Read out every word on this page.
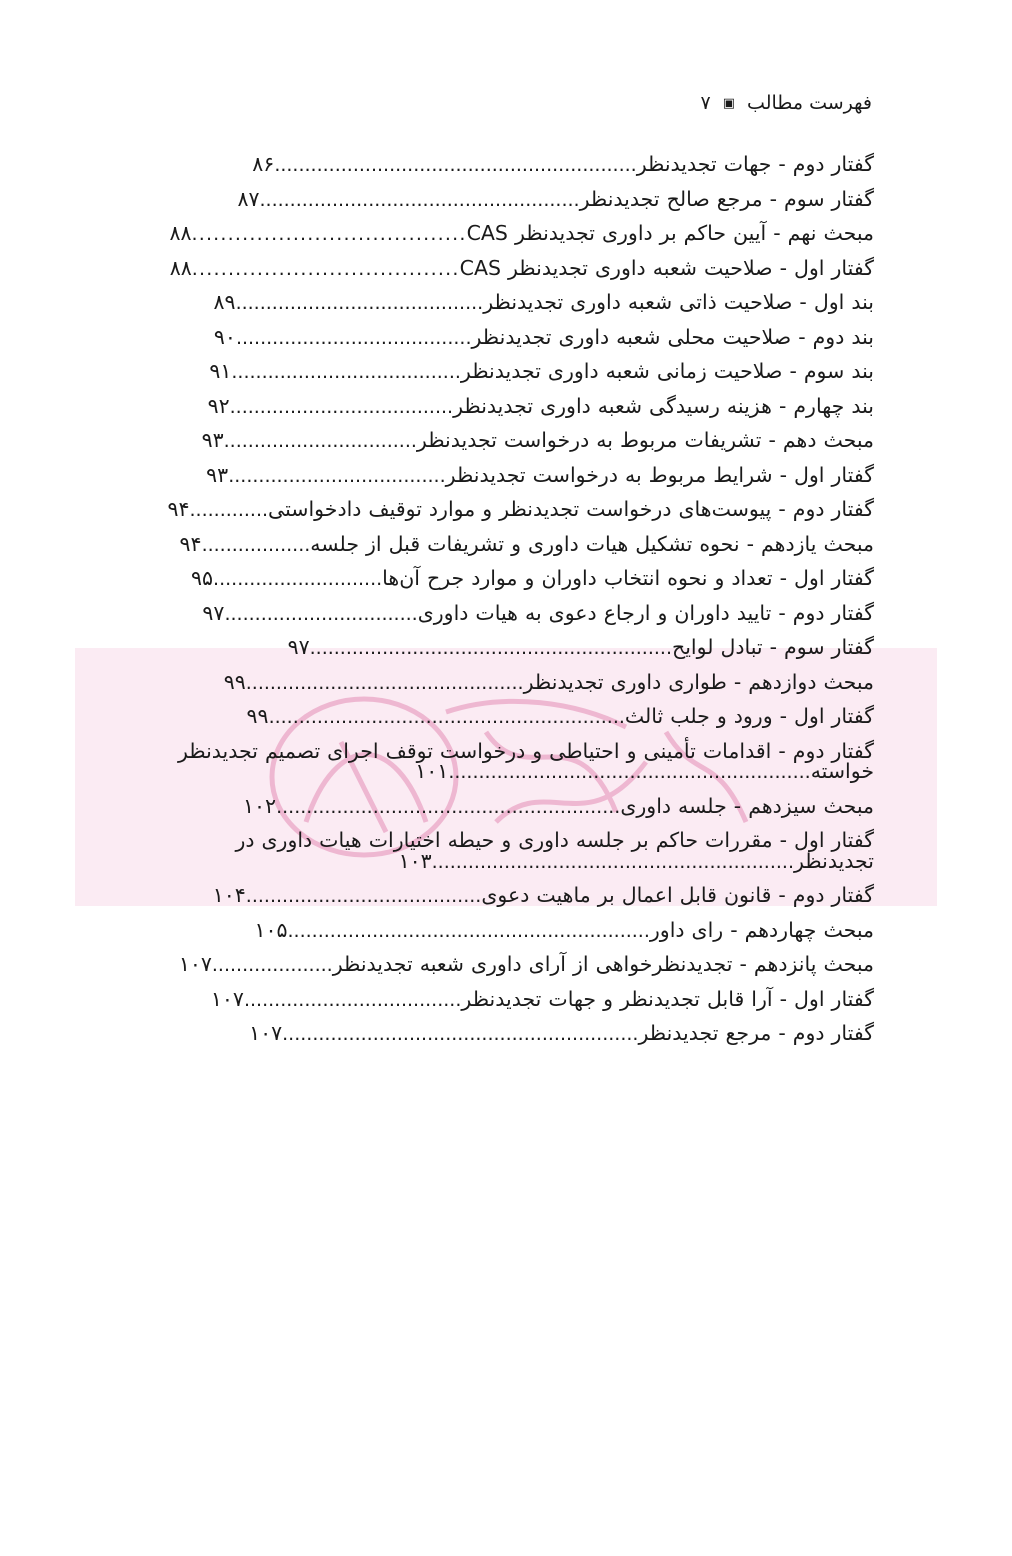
فهرست مطالب ▣ ۷
گفتار دوم - جهات تجدیدنظر............................................................۸۶
گفتار سوم - مرجع صالح تجدیدنظر.....................................................۸۷
مبحث نهم - آیین حاکم بر داوری تجدیدنظر CAS......................................۸۸
گفتار اول - صلاحیت شعبه داوری تجدیدنظر CAS.....................................۸۸
بند اول - صلاحیت ذاتی شعبه داوری تجدیدنظر.........................................۸۹
بند دوم - صلاحیت محلی شعبه داوری تجدیدنظر.......................................۹۰
بند سوم - صلاحیت زمانی شعبه داوری تجدیدنظر......................................۹۱
بند چهارم - هزینه رسیدگی شعبه داوری تجدیدنظر.....................................۹۲
مبحث دهم - تشریفات مربوط به درخواست تجدیدنظر................................۹۳
گفتار اول - شرایط مربوط به درخواست تجدیدنظر....................................۹۳
گفتار دوم - پیوست‌های درخواست تجدیدنظر و موارد توقیف دادخواستی.............۹۴
مبحث یازدهم - نحوه تشکیل هیات داوری و تشریفات قبل از جلسه..................۹۴
گفتار اول - تعداد و نحوه انتخاب داوران و موارد جرح آن‌ها............................۹۵
گفتار دوم - تایید داوران و ارجاع دعوی به هیات داوری................................۹۷
گفتار سوم - تبادل لوایح............................................................۹۷
مبحث دوازدهم - طواری داوری تجدیدنظر..............................................۹۹
گفتار اول - ورود و جلب ثالث...........................................................۹۹
گفتار دوم - اقدامات تأمینی و احتیاطی و درخواست توقف اجرای تصمیم تجدیدنظر خواسته............................................................۱۰۱
مبحث سیزدهم - جلسه داوری.........................................................۱۰۲
گفتار اول - مقررات حاکم بر جلسه داوری و حیطه اختیارات هیات داوری در تجدیدنظر............................................................۱۰۳
گفتار دوم - قانون قابل اعمال بر ماهیت دعوی.......................................۱۰۴
مبحث چهاردهم - رای داور............................................................۱۰۵
مبحث پانزدهم - تجدیدنظرخواهی از آرای داوری شعبه تجدیدنظر....................۱۰۷
گفتار اول - آرا قابل تجدیدنظر و جهات تجدیدنظر....................................۱۰۷
گفتار دوم - مرجع تجدیدنظر...........................................................۱۰۷
